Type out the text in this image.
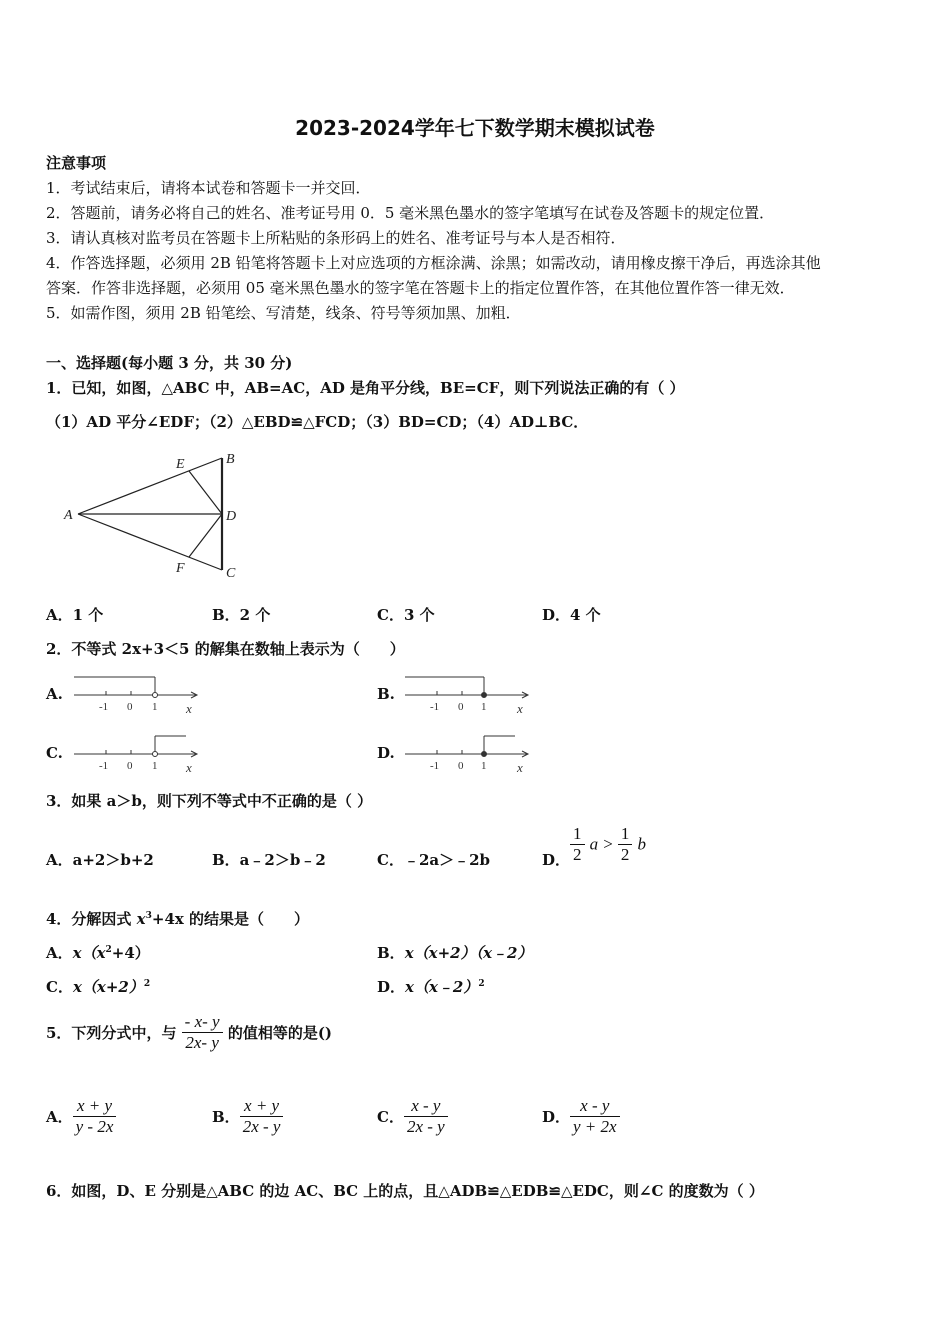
2023-2024学年七下数学期末模拟试卷
注意事项
1．考试结束后，请将本试卷和答题卡一并交回．
2．答题前，请务必将自己的姓名、准考证号用 0．5 毫米黑色墨水的签字笔填写在试卷及答题卡的规定位置．
3．请认真核对监考员在答题卡上所粘贴的条形码上的姓名、准考证号与本人是否相符．
4．作答选择题，必须用 2B 铅笔将答题卡上对应选项的方框涂满、涂黑；如需改动，请用橡皮擦干净后，再选涂其他
答案．作答非选择题，必须用 05 毫米黑色墨水的签字笔在答题卡上的指定位置作答，在其他位置作答一律无效．
5．如需作图，须用 2B 铅笔绘、写清楚，线条、符号等须加黑、加粗．
一、选择题(每小题 3 分，共 30 分)
1．已知，如图，△ABC 中，AB=AC，AD 是角平分线，BE=CF，则下列说法正确的有（ ）
（1）AD 平分∠EDF；（2）△EBD≌△FCD；（3）BD=CD；（4）AD⊥BC．
A
B
C
D
E
F
A．1 个	B．2 个	C．3 个	D．4 个
2．不等式 2x+3＜5 的解集在数轴上表示为（　　）
A.
-1 0 1 x
B.
-1 0 1 x
C.
-1 0 1 x
D.
-1 0 1 x
3．如果 a＞b，则下列不等式中不正确的是（ ）
A．a+2＞b+2	B．a﹣2＞b﹣2	C．﹣2a＞﹣2b	D． $\frac{1}{2}$ $a > \frac{1}{2}$ b
4．分解因式 $x^3+4x$ 的结果是（　　）
A．$x(x^2+4)$	B．x（x+2）（x﹣2）
C．$x(x+2)^2$	D．x（x﹣2）$^2$
5．下列分式中，与 $\frac{- x- y}{2x- y}$ 的值相等的是()
A． $\frac{x + y}{y - 2x}$	B． $\frac{x + y}{2x - y}$	C． $\frac{x - y}{2x - y}$	D． $\frac{x - y}{y + 2x}$
6．如图，D、E 分别是△ABC 的边 AC、BC 上的点，且△ADB≌△EDB≌△EDC，则∠C 的度数为（ ）
